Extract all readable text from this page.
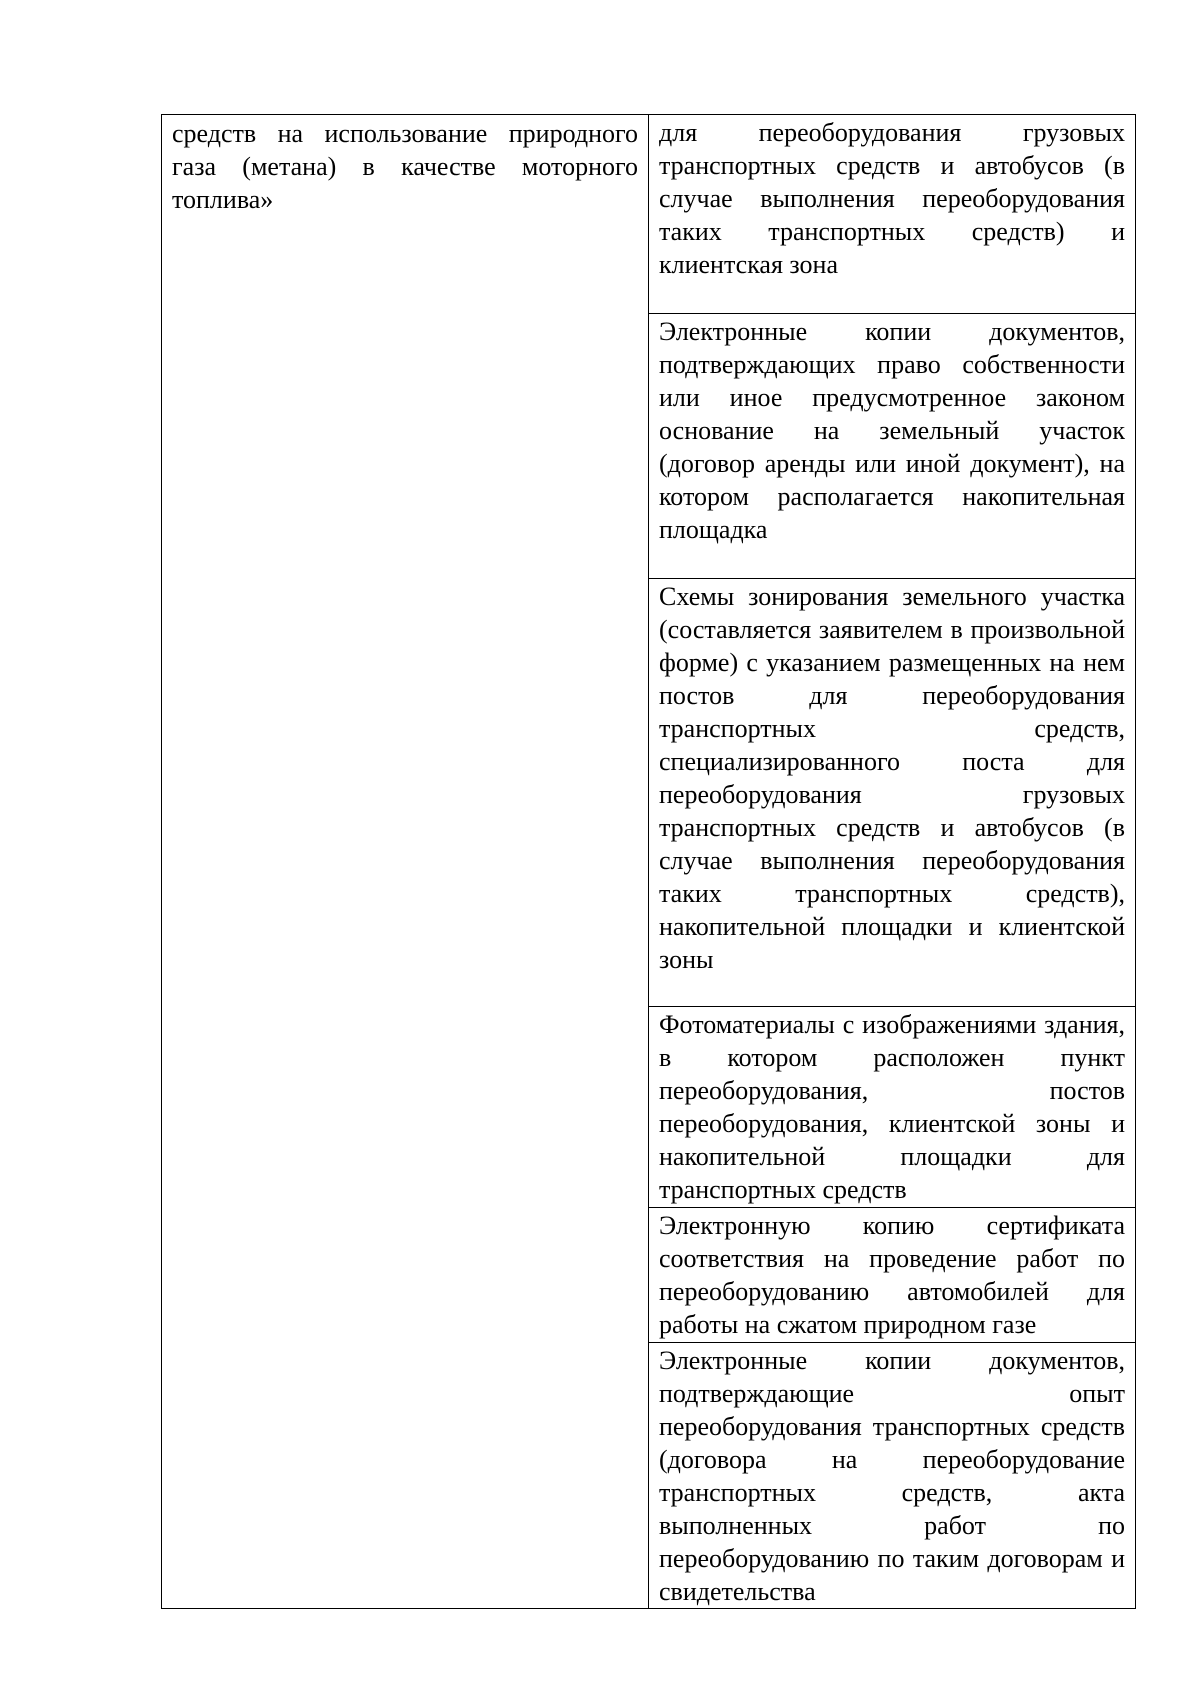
средств на использование природного газа (метана) в качестве моторного топлива»	для переоборудования грузовых транспортных средств и автобусов (в случае выполнения переоборудования таких транспортных средств) и клиентская зона
Электронные копии документов, подтверждающих право собственности или иное предусмотренное законом основание на земельный участок (договор аренды или иной документ), на котором располагается накопительная площадка
Схемы зонирования земельного участка (составляется заявителем в произвольной форме) с указанием размещенных на нем постов для переоборудования транспортных средств, специализированного поста для переоборудования грузовых транспортных средств и автобусов (в случае выполнения переоборудования таких транспортных средств), накопительной площадки и клиентской зоны
Фотоматериалы с изображениями здания, в котором расположен пункт переоборудования, постов переоборудования, клиентской зоны и накопительной площадки для транспортных средств
Электронную копию сертификата соответствия на проведение работ по переоборудованию автомобилей для работы на сжатом природном газе
Электронные копии документов, подтверждающие опыт переоборудования транспортных средств (договора на переоборудование транспортных средств, акта выполненных работ по переоборудованию по таким договорам и свидетельства
